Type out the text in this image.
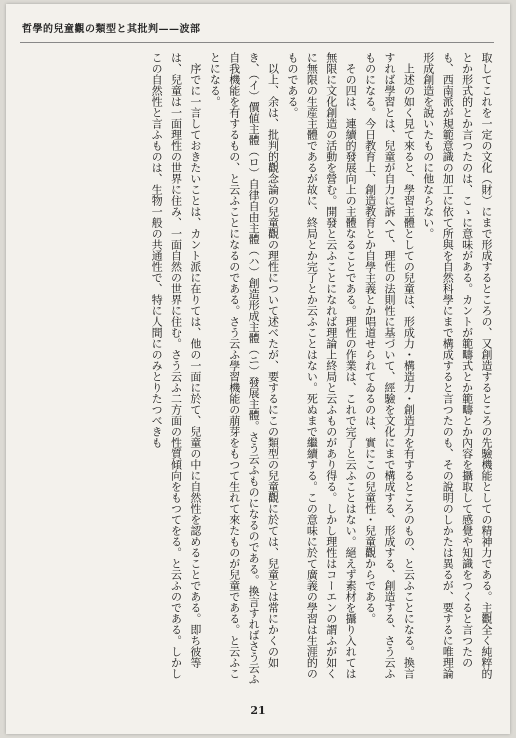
哲學的兒童觀の類型と其批判——波部

取してこれを一定の文化（財）にまで形成するところの、又創造するところの先驗機能としての精神力である。主觀全く純粹的とか形式的とか言つたのは、こゝに意味がある。カントが範疇式とか範疇とか內容を攝取して感覺や知識をつくると言つたのも、西南派が規範意識の加工に依て所與を自然科學にまで構成すると言つたのも、その說明のしかたは異るが、要するに唯理論形成創造を說いたものに他ならない。

上述の如く見て來ると、學習主體としての兒童は、形成力・構造力・創造力を有するところのもの、と云ふことになる。換言すれば學習とは、兒童が自力に訴へて、理性の法則性に基づいて、經驗を文化にまで構成する、形成する、創造する、さう云ふものになる。今日教育上、創造教育とか自學主義とか唱道せられてゐるのは、實にこの兒童性・兒童觀からである。

その四は、連續的發展向上の主體なることである。理性の作業は、これで完了と云ふことはない。絕えず素材を攝り入れては無限に文化創造の活動を營む。開發と云ふことになれば理論上終局と云ふものがあり得る。しかし理性はコーエンの謂ふが如くに無限の生産主體であるが故に、終局とか完了とか云ふことはない。死ぬまで繼續する。この意味に於て廣義の學習は生涯的のものである。

以上、余は、批判的觀念論の兒童觀の理性について述べたが、要するにこの類型の兒童觀に於ては、兒童とは常にかくの如き、（イ）價値主體（ロ）自律自由主體（ハ）創造形成主體（ニ）發展主體。さう云ふものになるのである。換言すればさう云ふ自我機能を有するもの、と云ふことになるのである。さう云ふ學習機能の萠芽をもつて生れて來たものが兒童である。と云ふことになる。

序でに一言しておきたいことは、カント派に在りては、他の一面に於て、兒童の中に自然性を認めることである。即ち彼等は、兒童は一面理性の世界に住み、一面自然の世界に住む。さう云ふ二方面の性質傾向をもつてをる。と云ふのである。しかしこの自然性と言ふものは、生物一般の共通性で、特に人間にのみとりたつべきも

21
